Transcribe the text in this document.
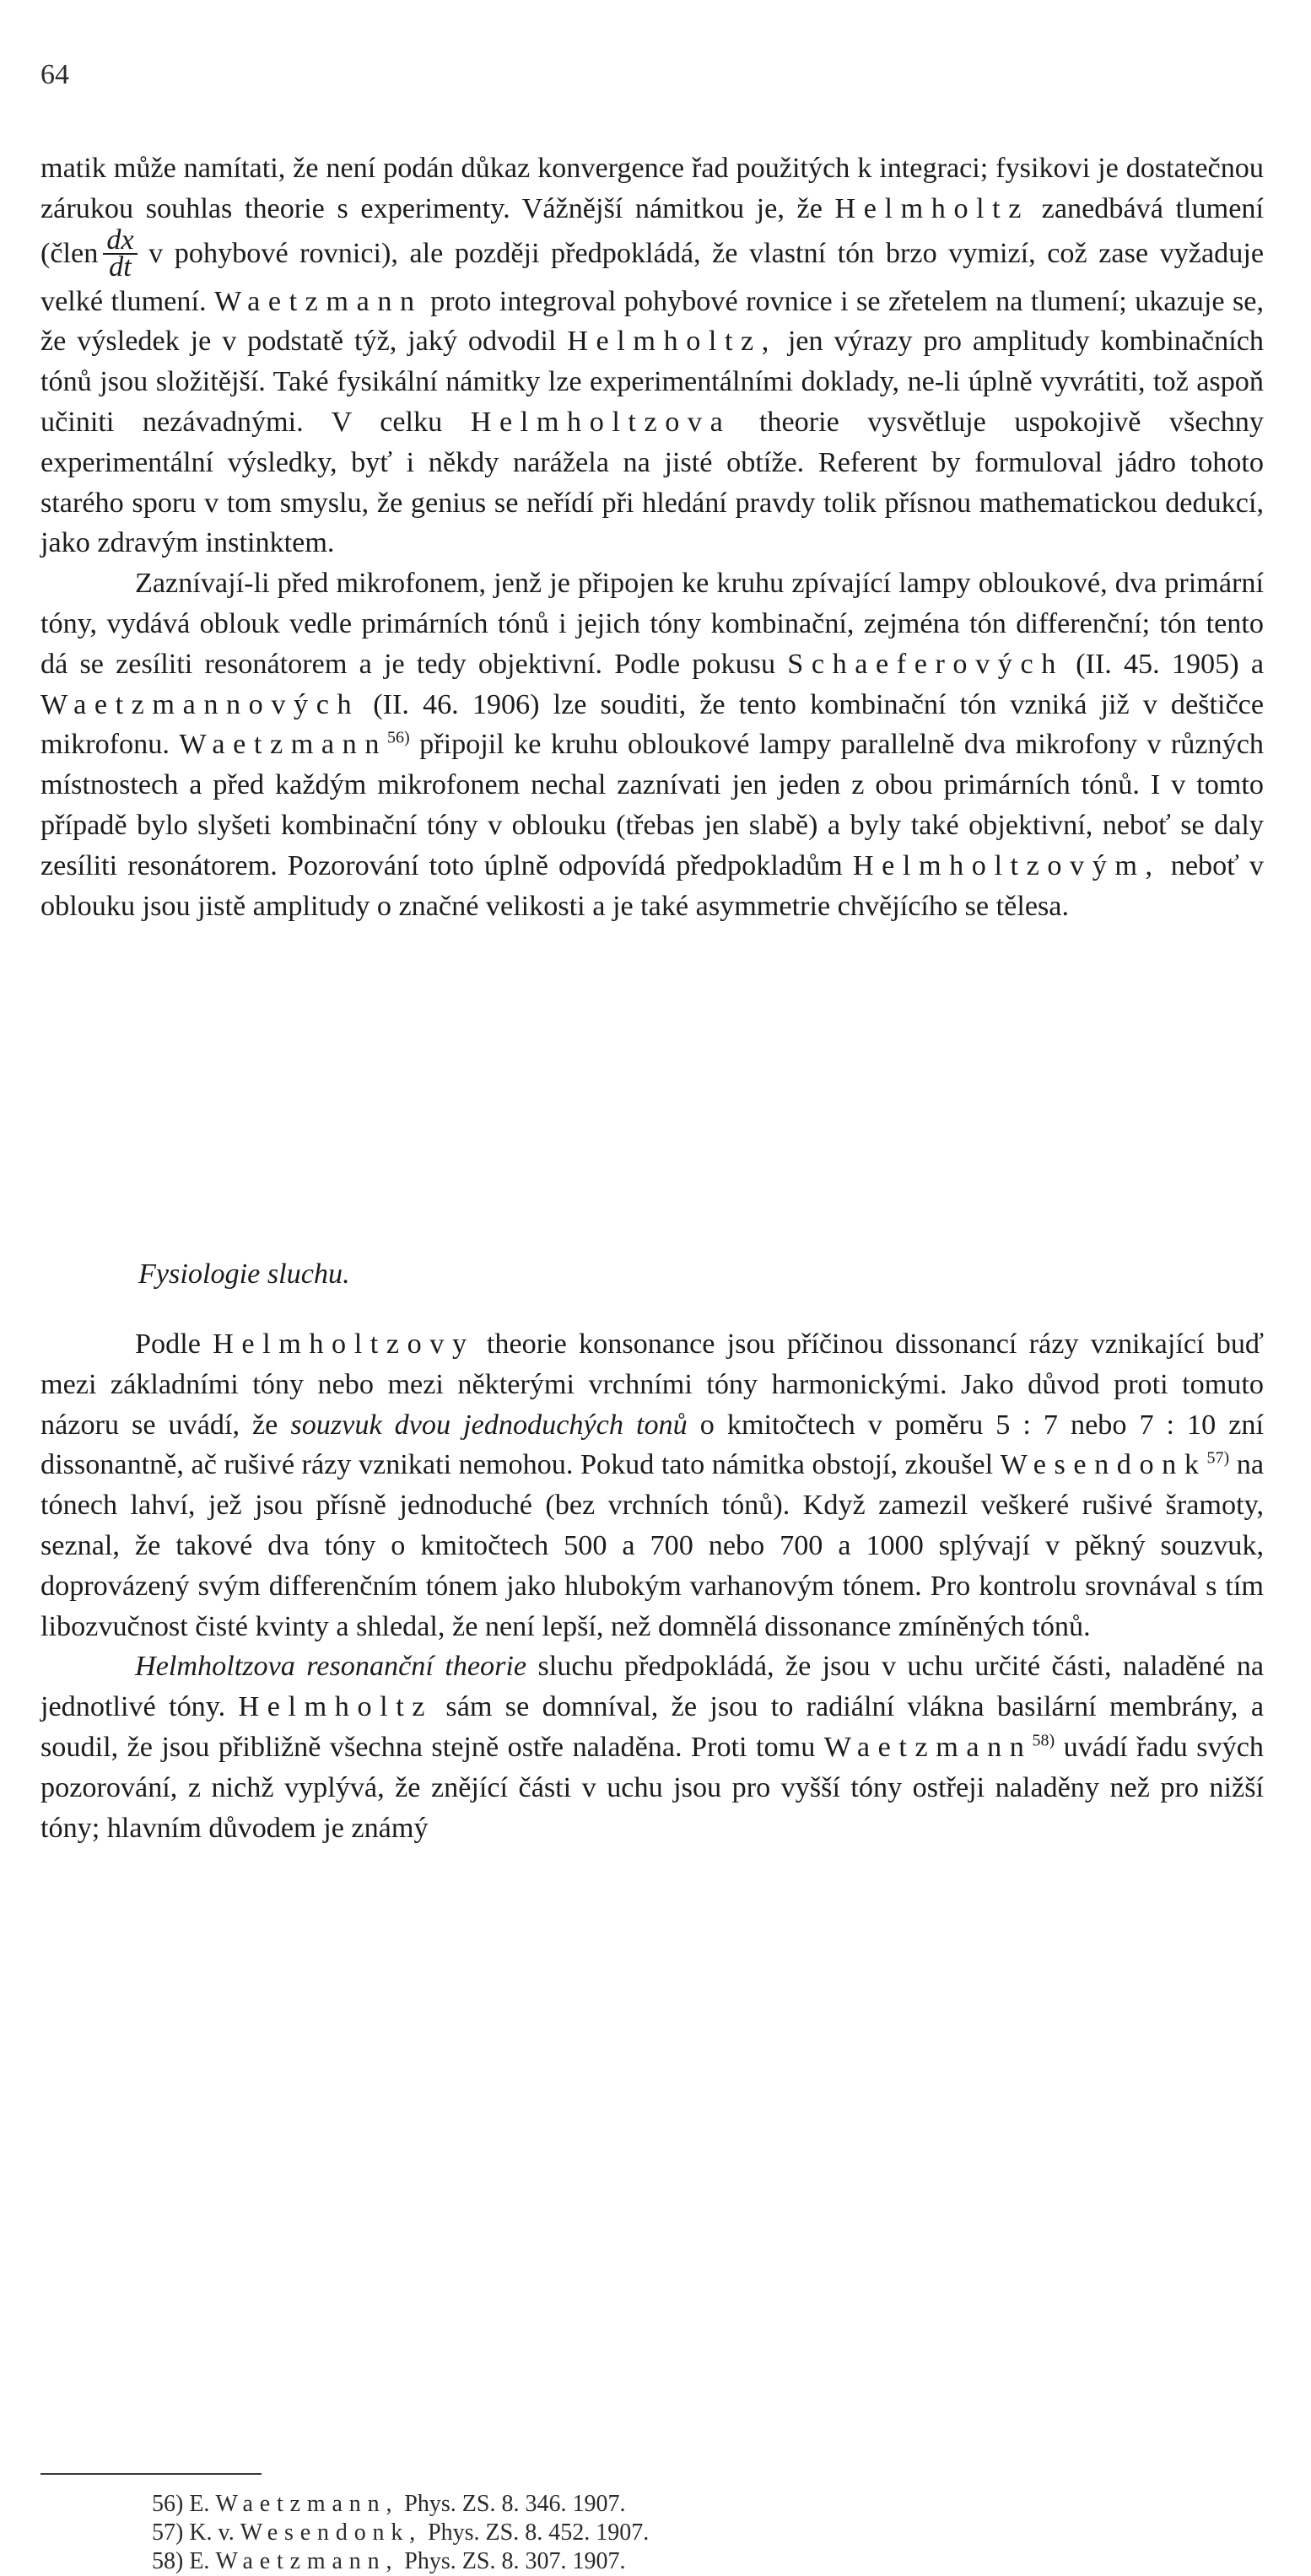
64

matik může namítati, že není podán důkaz konvergence řad použitých k integraci; fysikovi je dostatečnou zárukou souhlas theorie s experimenty. Vážnější námitkou je, že Helmholtz zanedbává tlumení (člen $\frac{dx}{dt}$ v pohybové rovnici), ale později předpokládá, že vlastní tón brzo vymizí, což zase vyžaduje velké tlumení. Waetzmann proto integroval pohybové rovnice i se zřetelem na tlumení; ukazuje se, že výsledek je v podstatě týž, jaký odvodil Helmholtz, jen výrazy pro amplitudy kombinačních tónů jsou složitější. Také fysikální námitky lze experimentálními doklady, ne-li úplně vyvrátiti, tož aspoň učiniti nezávadnými. V celku Helmholtzova theorie vysvětluje uspokojivě všechny experimentální výsledky, byť i někdy narážela na jisté obtíže. Referent by formuloval jádro tohoto starého sporu v tom smyslu, že genius se neřídí při hledání pravdy tolik přísnou mathematickou dedukcí, jako zdravým instinktem.

Zaznívají-li před mikrofonem, jenž je připojen ke kruhu zpívající lampy obloukové, dva primární tóny, vydává oblouk vedle primárních tónů i jejich tóny kombinační, zejména tón differenční; tón tento dá se zesíliti resonátorem a je tedy objektivní. Podle pokusu Schaeferových (II. 45. 1905) a Waetzmannových (II. 46. 1906) lze souditi, že tento kombinační tón vzniká již v deštičce mikrofonu. Waetzmann$^{56)}$ připojil ke kruhu obloukové lampy parallelně dva mikrofony v různých místnostech a před každým mikrofonem nechal zaznívati jen jeden z obou primárních tónů. I v tomto případě bylo slyšeti kombinační tóny v oblouku (třebas jen slabě) a byly také objektivní, neboť se daly zesíliti resonátorem. Pozorování toto úplně odpovídá předpokladům Helmholtzovým, neboť v oblouku jsou jistě amplitudy o značné velikosti a je také asymmetrie chvějícího se tělesa.

Fysiologie sluchu.

Podle Helmholtzovy theorie konsonance jsou příčinou dissonancí rázy vznikající buď mezi základními tóny nebo mezi některými vrchními tóny harmonickými. Jako důvod proti tomuto názoru se uvádí, že souzvuk dvou jednoduchých tonů o kmitočtech v poměru 5 : 7 nebo 7 : 10 zní dissonantně, ač rušivé rázy vznikati nemohou. Pokud tato námitka obstojí, zkoušel Wesendonk$^{57)}$ na tónech lahví, jež jsou přísně jednoduché (bez vrchních tónů). Když zamezil veškeré rušivé šramoty, seznal, že takové dva tóny o kmitočtech 500 a 700 nebo 700 a 1000 splývají v pěkný souzvuk, doprovázený svým differenčním tónem jako hlubokým varhanovým tónem. Pro kontrolu srovnával s tím libozvučnost čisté kvinty a shledal, že není lepší, než domnělá dissonance zmíněných tónů.

Helmholtzova resonanční theorie sluchu předpokládá, že jsou v uchu určité části, naladěné na jednotlivé tóny. Helmholtz sám se domníval, že jsou to radiální vlákna basilární membrány, a soudil, že jsou přibližně všechna stejně ostře naladěna. Proti tomu Waetzmann$^{58)}$ uvádí řadu svých pozorování, z nichž vyplývá, že znějící části v uchu jsou pro vyšší tóny ostřeji naladěny než pro nižší tóny; hlavním důvodem je známý

56) E. Waetzmann, Phys. ZS. 8. 346. 1907.
57) K. v. Wesendonk, Phys. ZS. 8. 452. 1907.
58) E. Waetzmann, Phys. ZS. 8. 307. 1907.
